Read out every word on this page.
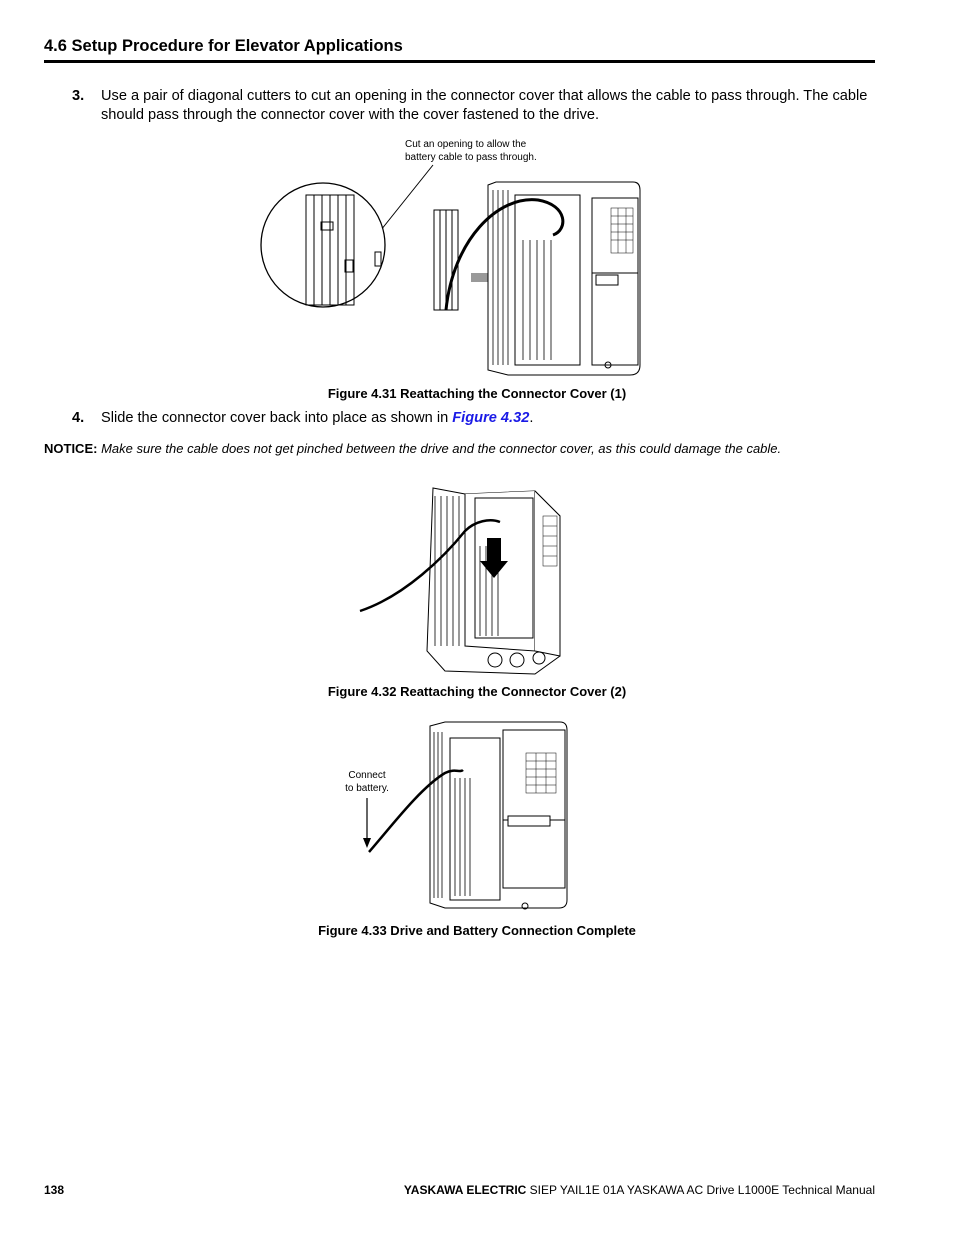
4.6 Setup Procedure for Elevator Applications
3. Use a pair of diagonal cutters to cut an opening in the connector cover that allows the cable to pass through. The cable should pass through the connector cover with the cover fastened to the drive.
Cut an opening to allow the
battery cable to pass through.
Figure 4.31 Reattaching the Connector Cover (1)
4. Slide the connector cover back into place as shown in Figure 4.32.
NOTICE: Make sure the cable does not get pinched between the drive and the connector cover, as this could damage the cable.
Figure 4.32 Reattaching the Connector Cover (2)
Connect
to battery.
Figure 4.33 Drive and Battery Connection Complete
138	YASKAWA ELECTRIC SIEP YAIL1E 01A YASKAWA AC Drive L1000E Technical Manual
